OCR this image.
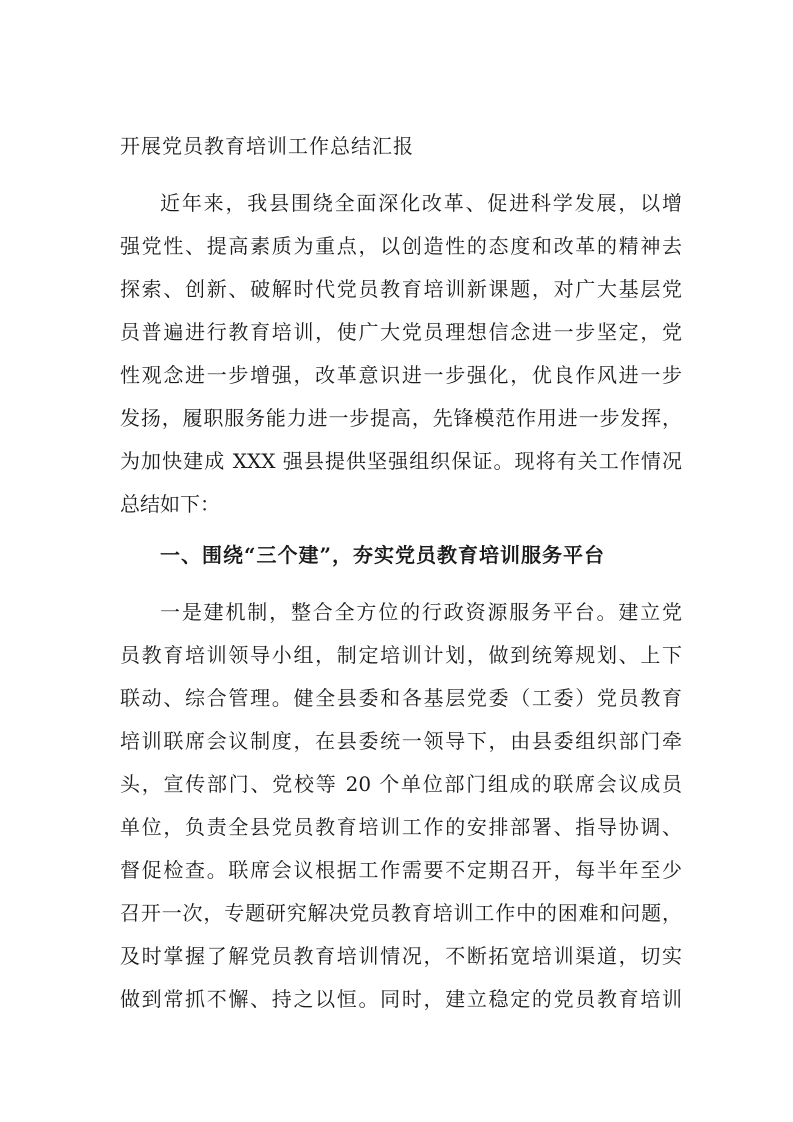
开展党员教育培训工作总结汇报
近年来，我县围绕全面深化改革、促进科学发展，以增
强党性、提高素质为重点，以创造性的态度和改革的精神去
探索、创新、破解时代党员教育培训新课题，对广大基层党
员普遍进行教育培训，使广大党员理想信念进一步坚定，党
性观念进一步增强，改革意识进一步强化，优良作风进一步
发扬，履职服务能力进一步提高，先锋模范作用进一步发挥，
为加快建成 XXX 强县提供坚强组织保证。现将有关工作情况
总结如下：
一、围绕“三个建”，夯实党员教育培训服务平台
一是建机制，整合全方位的行政资源服务平台。建立党
员教育培训领导小组，制定培训计划，做到统筹规划、上下
联动、综合管理。健全县委和各基层党委（工委）党员教育
培训联席会议制度，在县委统一领导下，由县委组织部门牵
头，宣传部门、党校等 20 个单位部门组成的联席会议成员
单位，负责全县党员教育培训工作的安排部署、指导协调、
督促检查。联席会议根据工作需要不定期召开，每半年至少
召开一次，专题研究解决党员教育培训工作中的困难和问题，
及时掌握了解党员教育培训情况，不断拓宽培训渠道，切实
做到常抓不懈、持之以恒。同时，建立稳定的党员教育培训
